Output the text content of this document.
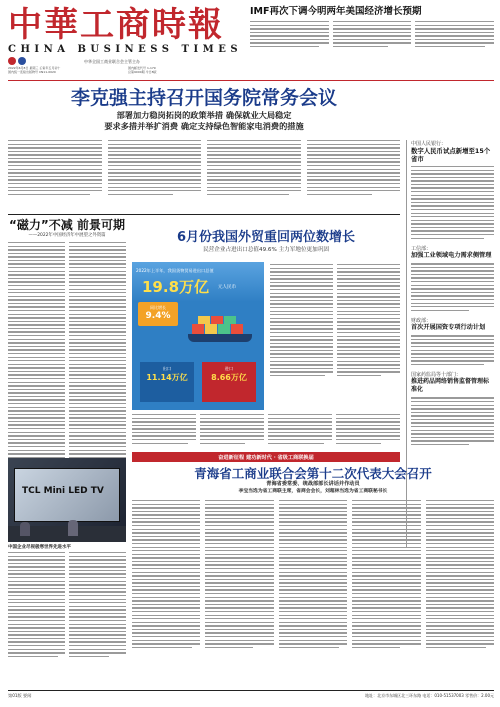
中華工商時報
CHINA BUSINESS TIMES
中华全国工商业联合会主管主办
2022年6月8日 星期三 壬寅年五月初十
国内统一连续出版物号 CN11-0020
国内邮发代号 1-179
总第9000期 今日8版
IMF再次下调今明两年美国经济增长预期
李克强主持召开国务院常务会议
部署加力稳岗拓岗的政策举措 确保就业大局稳定
要求多措并举扩消费 确定支持绿色智能家电消费的措施
中国人民银行：
数字人民币试点新增至15个省市
工信部：
加强工业领域电力需求侧管理
财政部：
首次开展国资专项行动计划
国家药监局等十部门：
推进药品网络销售监督管理标准化
“磁力”不减 前景可期
——2022年中国经济年中展望之外资篇	6月份我国外贸重回两位数增长
民营企业占进出口总值49.6% 主力军地位更加巩固
2022年上半年，我国货物贸易进出口总值
19.8万亿 元人民币
同比增长
9.4%
出口
11.14万亿
进口
8.66万亿
TCL Mini LED TV
中国企业尽视极寒世界先进水平
奋进新征程 建功新时代 · 省级工商联换届
青海省工商业联合会第十二次代表大会召开
青海省委常委、统战部部长讲话并作动员
李宝当选为省工商联主席，省商会会长，刘超林当选为省工商联秘书长
第01版 要闻	地址：北京市东城区北三环东路 电话：010-51537003 零售价：2.00元
